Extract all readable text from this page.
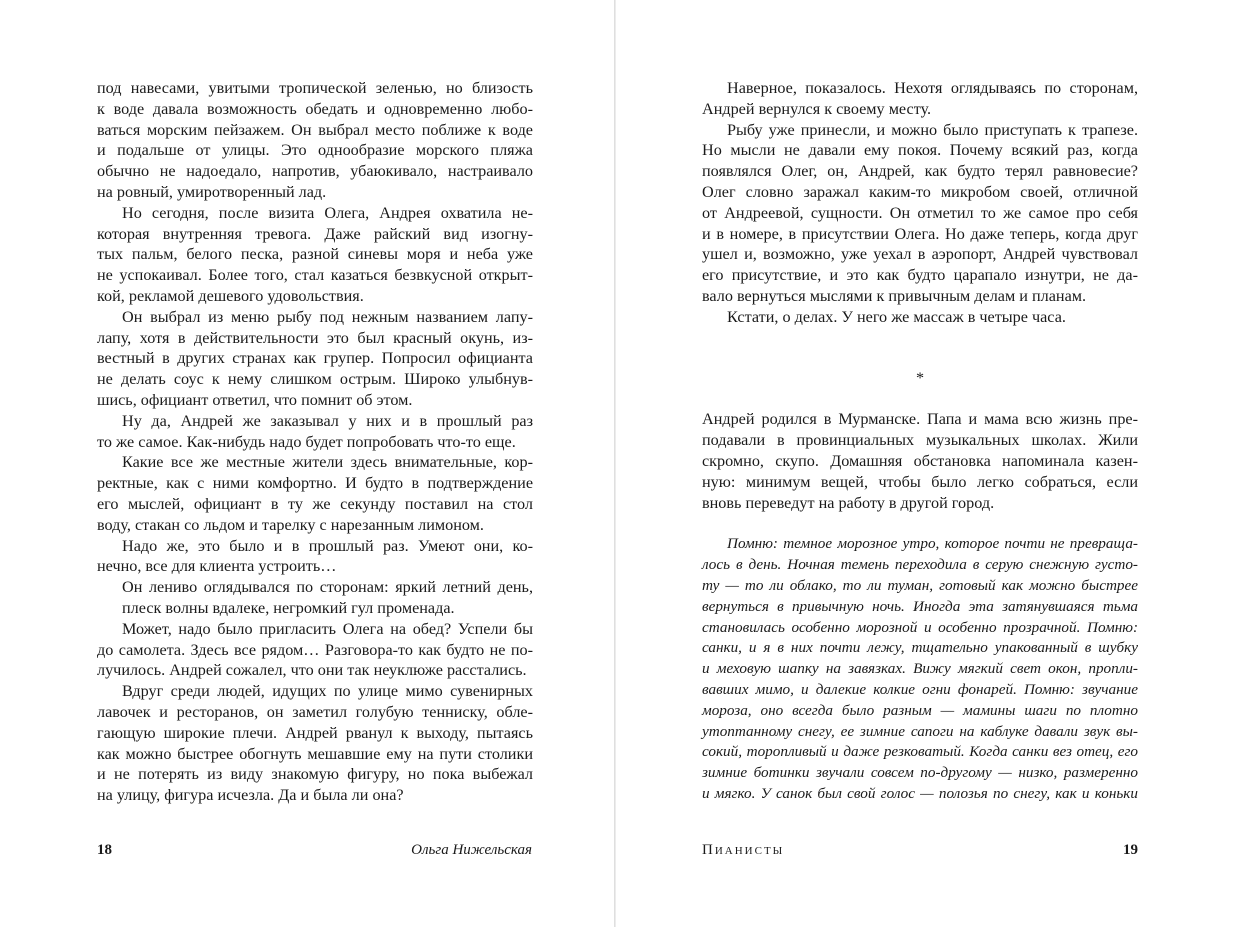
под навесами, увитыми тропической зеленью, но близость
к воде давала возможность обедать и одновременно любо-
ваться морским пейзажем. Он выбрал место поближе к воде
и подальше от улицы. Это однообразие морского пляжа
обычно не надоедало, напротив, убаюкивало, настраивало
на ровный, умиротворенный лад.
Но сегодня, после визита Олега, Андрея охватила не-
которая внутренняя тревога. Даже райский вид изогну-
тых пальм, белого песка, разной синевы моря и неба уже
не успокаивал. Более того, стал казаться безвкусной открыт-
кой, рекламой дешевого удовольствия.
Он выбрал из меню рыбу под нежным названием лапу-
лапу, хотя в действительности это был красный окунь, из-
вестный в других странах как групер. Попросил официанта
не делать соус к нему слишком острым. Широко улыбнув-
шись, официант ответил, что помнит об этом.
Ну да, Андрей же заказывал у них и в прошлый раз
то же самое. Как-нибудь надо будет попробовать что-то еще.
Какие все же местные жители здесь внимательные, кор-
ректные, как с ними комфортно. И будто в подтверждение
его мыслей, официант в ту же секунду поставил на стол
воду, стакан со льдом и тарелку с нарезанным лимоном.
Надо же, это было и в прошлый раз. Умеют они, ко-
нечно, все для клиента устроить…
Он лениво оглядывался по сторонам: яркий летний день,
плеск волны вдалеке, негромкий гул променада.
Может, надо было пригласить Олега на обед? Успели бы
до самолета. Здесь все рядом… Разговора-то как будто не по-
лучилось. Андрей сожалел, что они так неуклюже расстались.
Вдруг среди людей, идущих по улице мимо сувенирных
лавочек и ресторанов, он заметил голубую тенниску, обле-
гающую широкие плечи. Андрей рванул к выходу, пытаясь
как можно быстрее обогнуть мешавшие ему на пути столики
и не потерять из виду знакомую фигуру, но пока выбежал
на улицу, фигура исчезла. Да и была ли она?
18	Ольга Нижельская
Наверное, показалось. Нехотя оглядываясь по сторонам,
Андрей вернулся к своему месту.
Рыбу уже принесли, и можно было приступать к трапезе.
Но мысли не давали ему покоя. Почему всякий раз, когда
появлялся Олег, он, Андрей, как будто терял равновесие?
Олег словно заражал каким-то микробом своей, отличной
от Андреевой, сущности. Он отметил то же самое про себя
и в номере, в присутствии Олега. Но даже теперь, когда друг
ушел и, возможно, уже уехал в аэропорт, Андрей чувствовал
его присутствие, и это как будто царапало изнутри, не да-
вало вернуться мыслями к привычным делам и планам.
Кстати, о делах. У него же массаж в четыре часа.
*
Андрей родился в Мурманске. Папа и мама всю жизнь пре-
подавали в провинциальных музыкальных школах. Жили
скромно, скупо. Домашняя обстановка напоминала казен-
ную: минимум вещей, чтобы было легко собраться, если
вновь переведут на работу в другой город.
Помню: темное морозное утро, которое почти не превраща-
лось в день. Ночная темень переходила в серую снежную густо-
ту — то ли облако, то ли туман, готовый как можно быстрее
вернуться в привычную ночь. Иногда эта затянувшаяся тьма
становилась особенно морозной и особенно прозрачной. Помню:
санки, и я в них почти лежу, тщательно упакованный в шубку
и меховую шапку на завязках. Вижу мягкий свет окон, пропли-
вавших мимо, и далекие колкие огни фонарей. Помню: звучание
мороза, оно всегда было разным — мамины шаги по плотно
утоптанному снегу, ее зимние сапоги на каблуке давали звук вы-
сокий, торопливый и даже резковатый. Когда санки вез отец, его
зимние ботинки звучали совсем по-другому — низко, размеренно
и мягко. У санок был свой голос — полозья по снегу, как и коньки
Пианисты	19
